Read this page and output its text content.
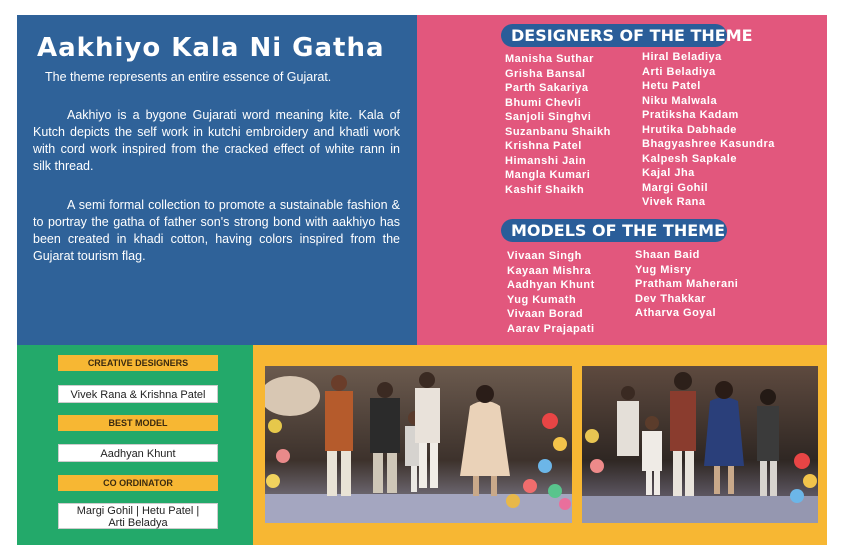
Aakhiyo Kala Ni Gatha
The theme represents an entire essence of Gujarat.
Aakhiyo is a bygone Gujarati word meaning kite. Kala of Kutch depicts the self work in kutchi embroidery and khatli work with cord work inspired from the cracked effect of white rann in silk thread.
A semi formal collection to promote a sustainable fashion & to portray the gatha of father son's strong bond with aakhiyo has been created in khadi cotton, having colors inspired from the Gujarat tourism flag.
DESIGNERS OF THE THEME
Manisha Suthar
Grisha Bansal
Parth Sakariya
Bhumi Chevli
Sanjoli Singhvi
Suzanbanu Shaikh
Krishna Patel
Himanshi Jain
Mangla Kumari
Kashif Shaikh
Hiral Beladiya
Arti Beladiya
Hetu Patel
Niku Malwala
Pratiksha Kadam
Hrutika Dabhade
Bhagyashree Kasundra
Kalpesh Sapkale
Kajal Jha
Margi Gohil
Vivek Rana
MODELS OF THE THEME
Vivaan Singh
Kayaan Mishra
Aadhyan Khunt
Yug Kumath
Vivaan Borad
Aarav Prajapati
Shaan Baid
Yug Misry
Pratham Maherani
Dev Thakkar
Atharva Goyal
CREATIVE DESIGNERS
Vivek Rana & Krishna Patel
BEST MODEL
Aadhyan Khunt
CO ORDINATOR
Margi Gohil | Hetu Patel |
Arti Beladya
